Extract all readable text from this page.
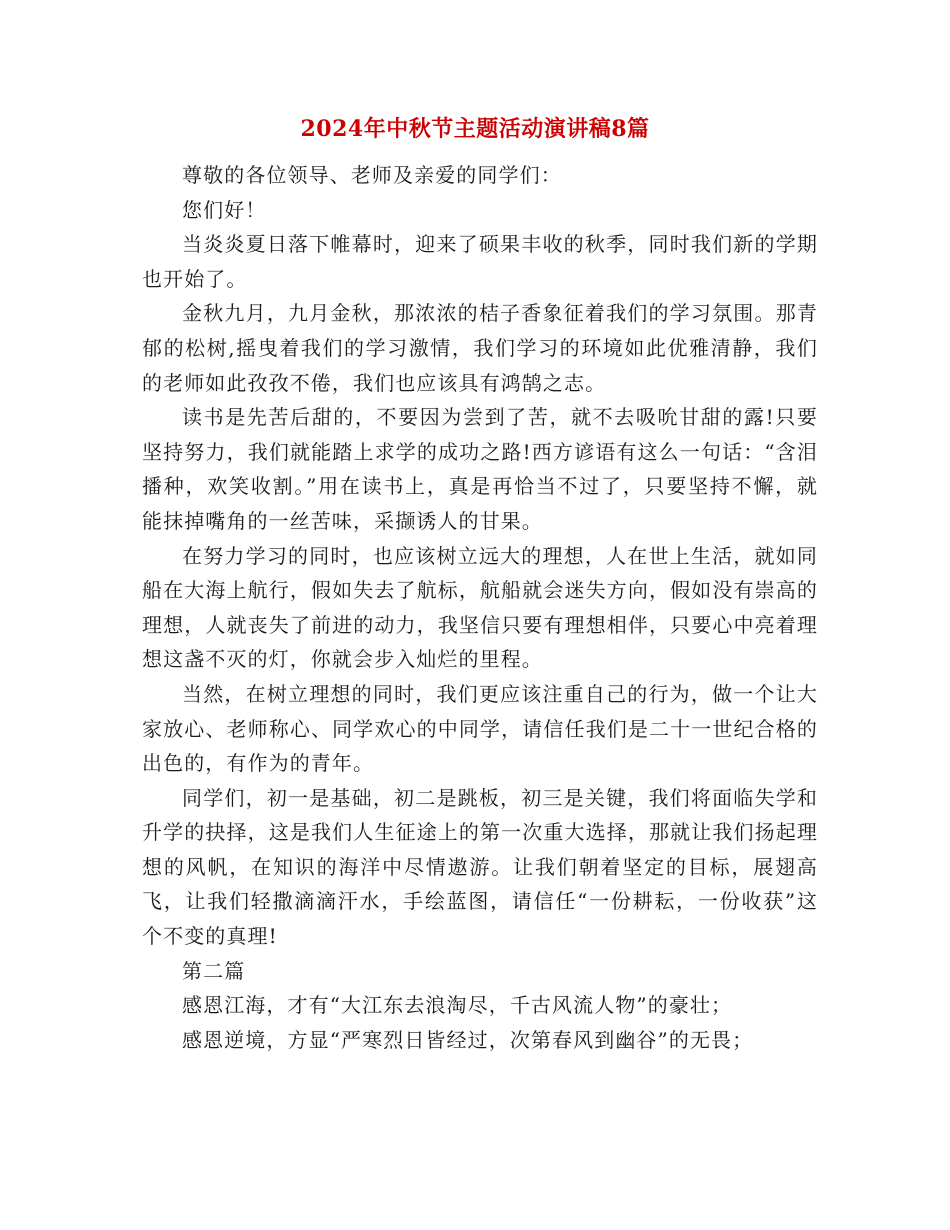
2024年中秋节主题活动演讲稿8篇

尊敬的各位领导、老师及亲爱的同学们：

您们好！

当炎炎夏日落下帷幕时，迎来了硕果丰收的秋季，同时我们新的学期也开始了。

金秋九月，九月金秋，那浓浓的桔子香象征着我们的学习氛围。那青郁的松树,摇曳着我们的学习激情，我们学习的环境如此优雅清静，我们的老师如此孜孜不倦，我们也应该具有鸿鹄之志。

读书是先苦后甜的，不要因为尝到了苦，就不去吸吮甘甜的露!只要坚持努力，我们就能踏上求学的成功之路!西方谚语有这么一句话：“含泪播种，欢笑收割。”用在读书上，真是再恰当不过了，只要坚持不懈，就能抹掉嘴角的一丝苦味，采撷诱人的甘果。

在努力学习的同时，也应该树立远大的理想，人在世上生活，就如同船在大海上航行，假如失去了航标，航船就会迷失方向，假如没有崇高的理想，人就丧失了前进的动力，我坚信只要有理想相伴，只要心中亮着理想这盏不灭的灯，你就会步入灿烂的里程。

当然，在树立理想的同时，我们更应该注重自己的行为，做一个让大家放心、老师称心、同学欢心的中同学，请信任我们是二十一世纪合格的出色的，有作为的青年。

同学们，初一是基础，初二是跳板，初三是关键，我们将面临失学和升学的抉择，这是我们人生征途上的第一次重大选择，那就让我们扬起理想的风帆，在知识的海洋中尽情遨游。让我们朝着坚定的目标，展翅高飞，让我们轻撒滴滴汗水，手绘蓝图，请信任“一份耕耘，一份收获”这个不变的真理!

第二篇

感恩江海，才有“大江东去浪淘尽，千古风流人物”的豪壮；

感恩逆境，方显“严寒烈日皆经过，次第春风到幽谷”的无畏；
